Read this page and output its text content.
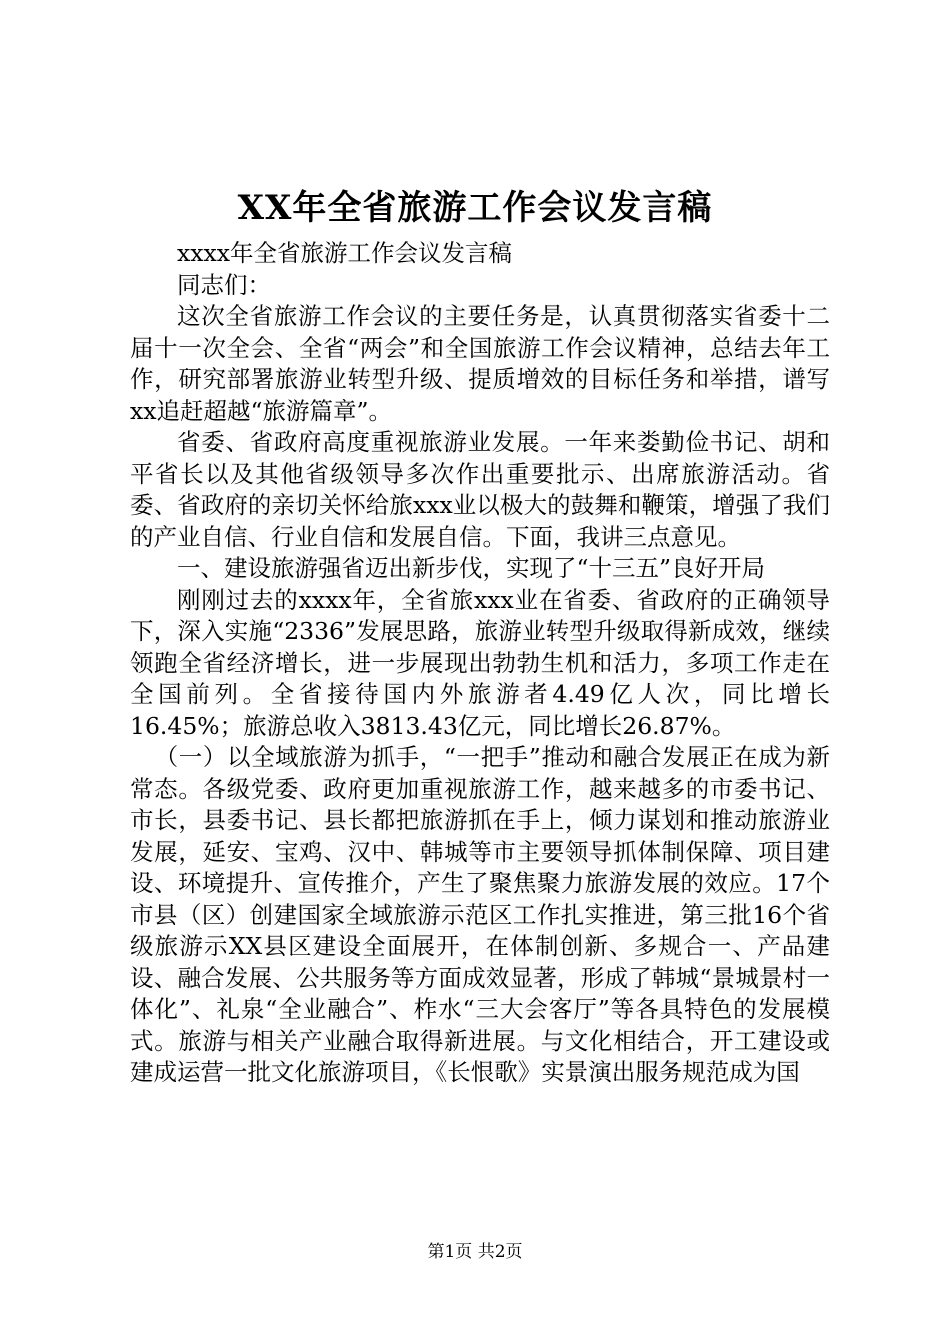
XX年全省旅游工作会议发言稿

xxxx年全省旅游工作会议发言稿

同志们：

这次全省旅游工作会议的主要任务是，认真贯彻落实省委十二届十一次全会、全省“两会”和全国旅游工作会议精神，总结去年工作，研究部署旅游业转型升级、提质增效的目标任务和举措，谱写xx追赶超越“旅游篇章”。

省委、省政府高度重视旅游业发展。一年来娄勤俭书记、胡和平省长以及其他省级领导多次作出重要批示、出席旅游活动。省委、省政府的亲切关怀给旅xxx业以极大的鼓舞和鞭策，增强了我们的产业自信、行业自信和发展自信。下面，我讲三点意见。

一、建设旅游强省迈出新步伐，实现了“十三五”良好开局

刚刚过去的xxxx年，全省旅xxx业在省委、省政府的正确领导下，深入实施“2336”发展思路，旅游业转型升级取得新成效，继续领跑全省经济增长，进一步展现出勃勃生机和活力，多项工作走在全国前列。全省接待国内外旅游者4.49亿人次，同比增长16.45%；旅游总收入3813.43亿元，同比增长26.87%。

（一）以全域旅游为抓手，“一把手”推动和融合发展正在成为新常态。各级党委、政府更加重视旅游工作，越来越多的市委书记、市长，县委书记、县长都把旅游抓在手上，倾力谋划和推动旅游业发展，延安、宝鸡、汉中、韩城等市主要领导抓体制保障、项目建设、环境提升、宣传推介，产生了聚焦聚力旅游发展的效应。17个市县（区）创建国家全域旅游示范区工作扎实推进，第三批16个省级旅游示XX县区建设全面展开，在体制创新、多规合一、产品建设、融合发展、公共服务等方面成效显著，形成了韩城“景城景村一体化”、礼泉“全业融合”、柞水“三大会客厅”等各具特色的发展模式。旅游与相关产业融合取得新进展。与文化相结合，开工建设或建成运营一批文化旅游项目，《长恨歌》实景演出服务规范成为国

第1页 共2页
